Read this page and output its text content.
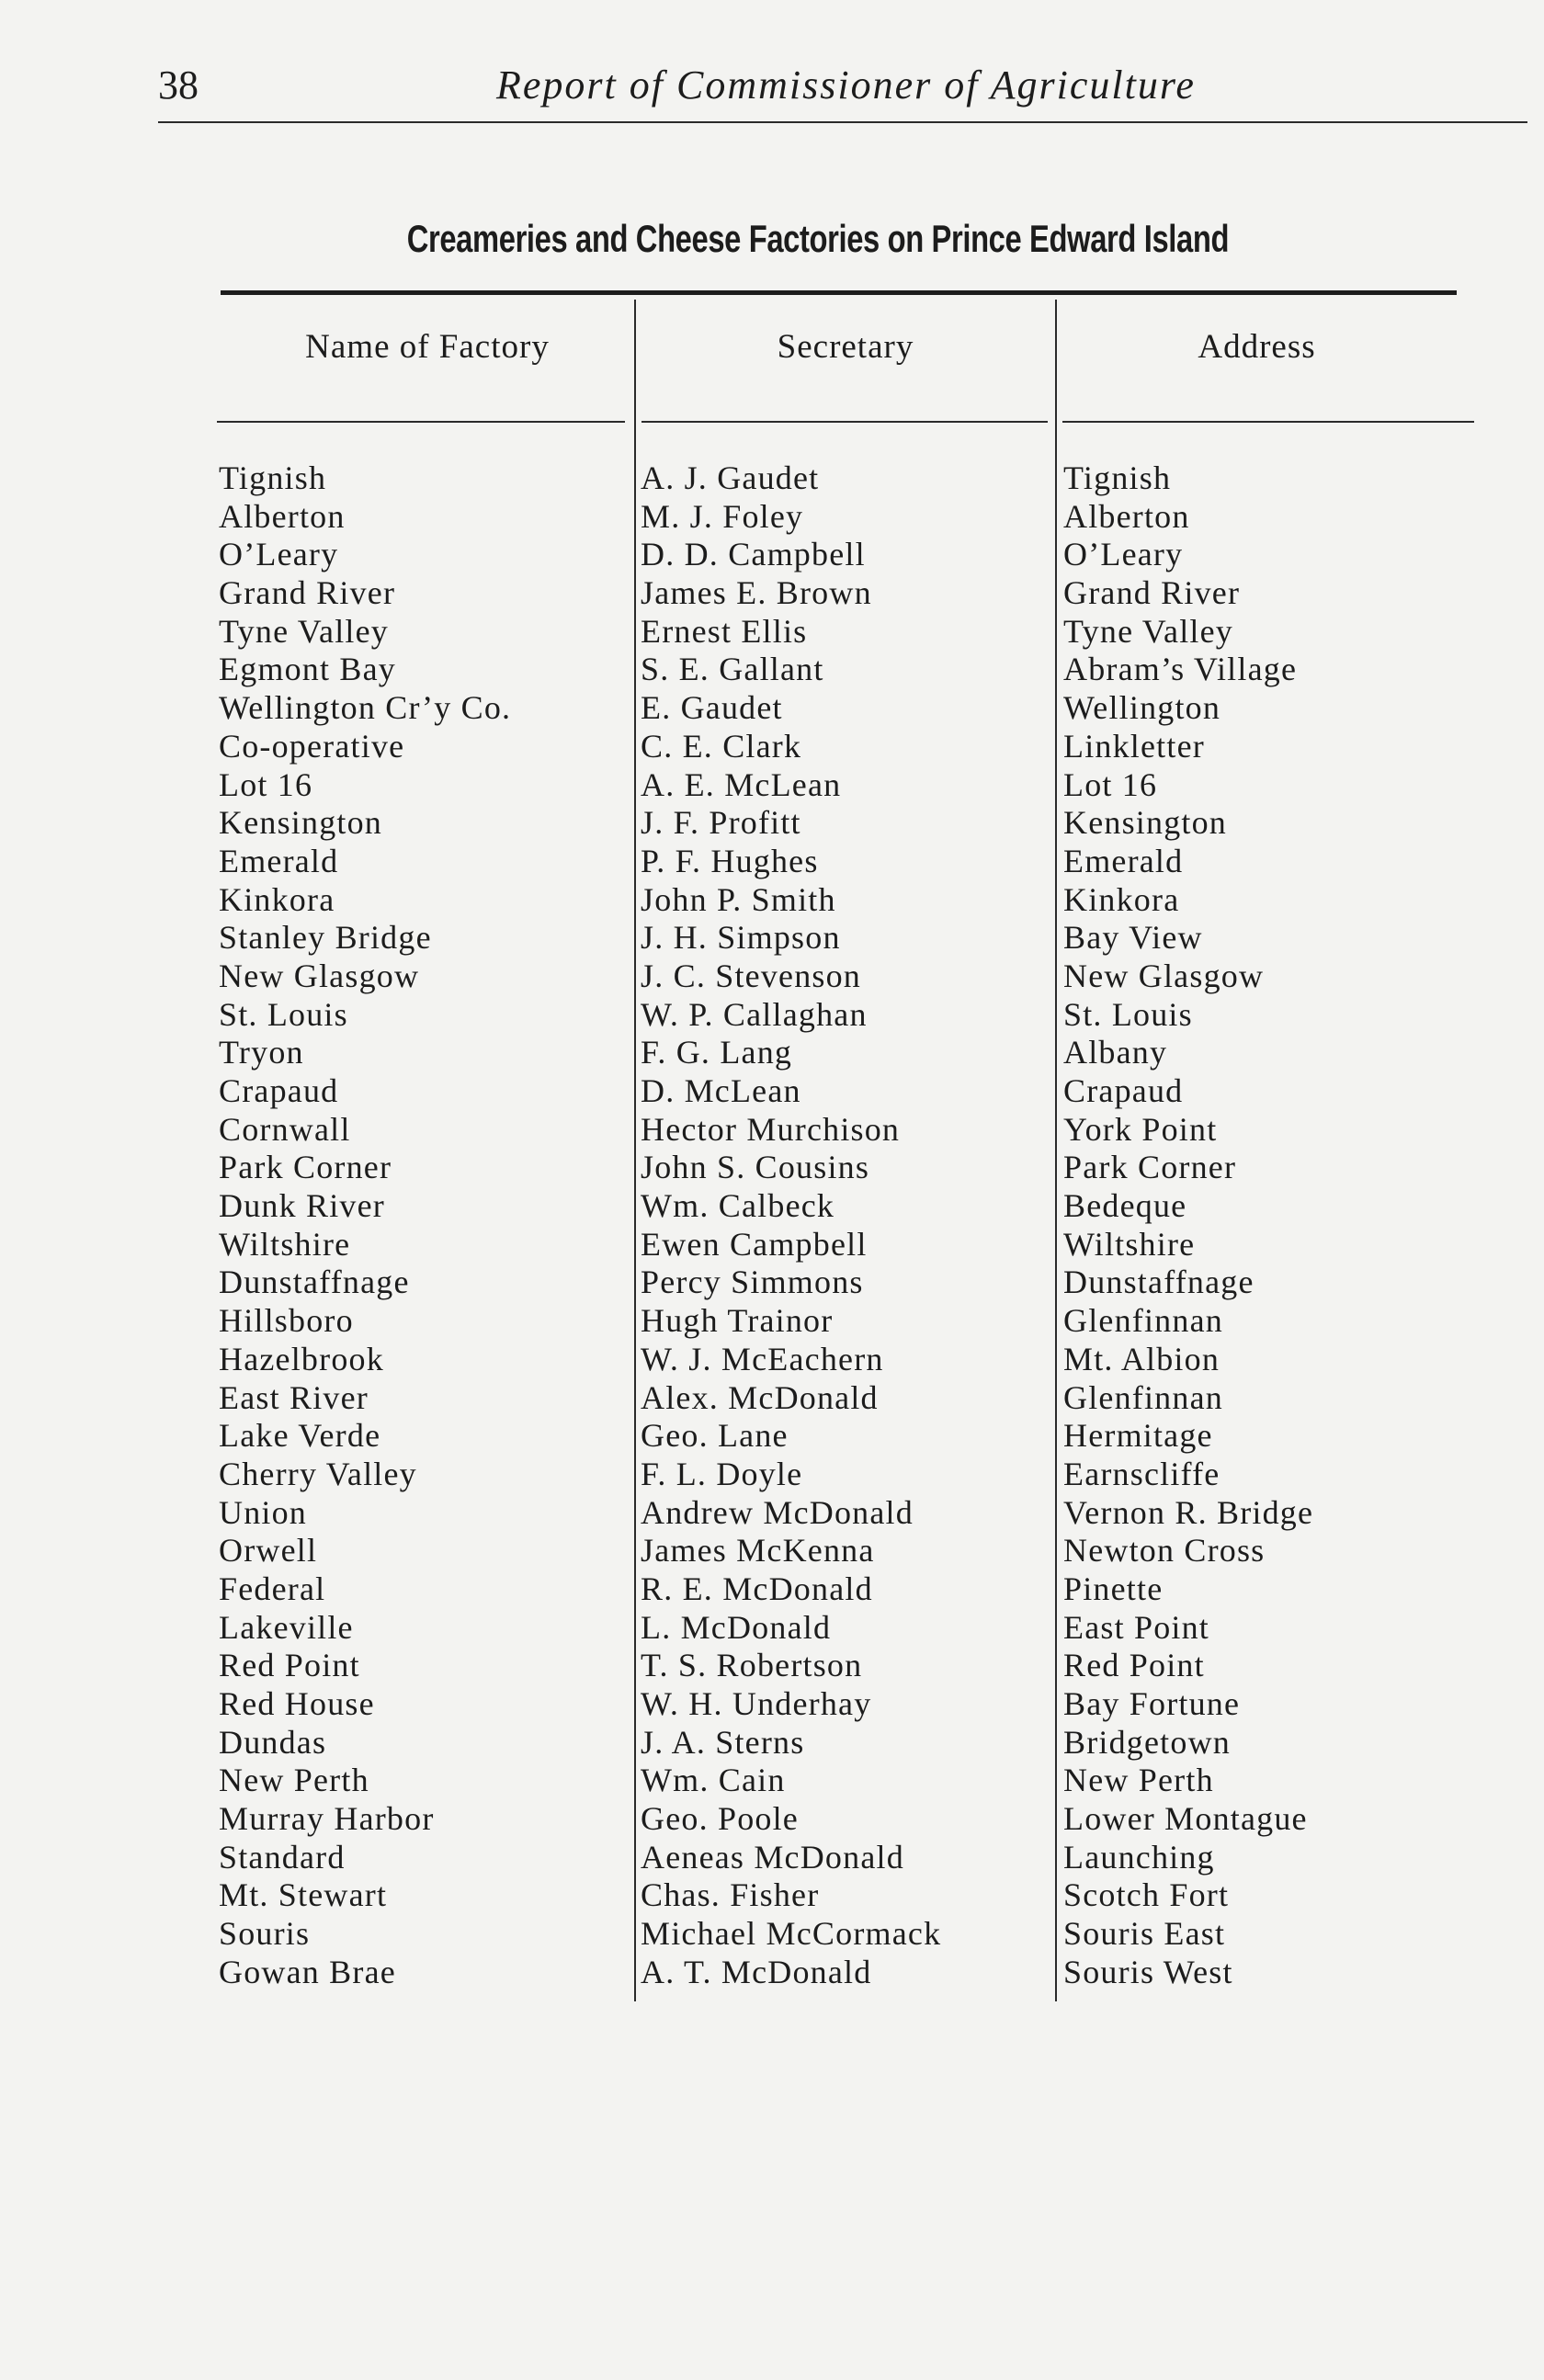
38	Report of Commissioner of Agriculture
Creameries and Cheese Factories on Prince Edward Island
Name of Factory	Secretary	Address
Tignish	A. J. Gaudet	Tignish
Alberton	M. J. Foley	Alberton
O’Leary	D. D. Campbell	O’Leary
Grand River	James E. Brown	Grand River
Tyne Valley	Ernest Ellis	Tyne Valley
Egmont Bay	S. E. Gallant	Abram’s Village
Wellington Cr’y Co.	E. Gaudet	Wellington
Co-operative	C. E. Clark	Linkletter
Lot 16	A. E. McLean	Lot 16
Kensington	J. F. Profitt	Kensington
Emerald	P. F. Hughes	Emerald
Kinkora	John P. Smith	Kinkora
Stanley Bridge	J. H. Simpson	Bay View
New Glasgow	J. C. Stevenson	New Glasgow
St. Louis	W. P. Callaghan	St. Louis
Tryon	F. G. Lang	Albany
Crapaud	D. McLean	Crapaud
Cornwall	Hector Murchison	York Point
Park Corner	John S. Cousins	Park Corner
Dunk River	Wm. Calbeck	Bedeque
Wiltshire	Ewen Campbell	Wiltshire
Dunstaffnage	Percy Simmons	Dunstaffnage
Hillsboro	Hugh Trainor	Glenfinnan
Hazelbrook	W. J. McEachern	Mt. Albion
East River	Alex. McDonald	Glenfinnan
Lake Verde	Geo. Lane	Hermitage
Cherry Valley	F. L. Doyle	Earnscliffe
Union	Andrew McDonald	Vernon R. Bridge
Orwell	James McKenna	Newton Cross
Federal	R. E. McDonald	Pinette
Lakeville	L. McDonald	East Point
Red Point	T. S. Robertson	Red Point
Red House	W. H. Underhay	Bay Fortune
Dundas	J. A. Sterns	Bridgetown
New Perth	Wm. Cain	New Perth
Murray Harbor	Geo. Poole	Lower Montague
Standard	Aeneas McDonald	Launching
Mt. Stewart	Chas. Fisher	Scotch Fort
Souris	Michael McCormack	Souris East
Gowan Brae	A. T. McDonald	Souris West
